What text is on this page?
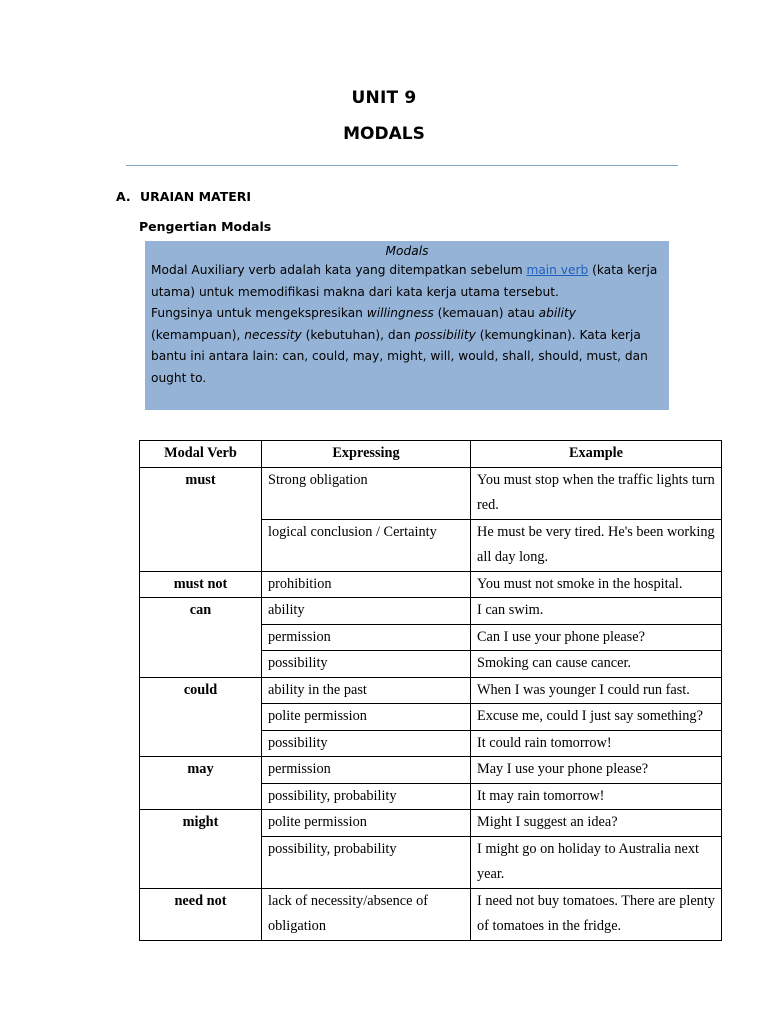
UNIT 9
MODALS
A. URAIAN MATERI
Pengertian Modals
Modals

Modal Auxiliary verb adalah kata yang ditempatkan sebelum main verb (kata kerja utama) untuk memodifikasi makna dari kata kerja utama tersebut.

Fungsinya untuk mengekspresikan willingness (kemauan) atau ability (kemampuan), necessity (kebutuhan), dan possibility (kemungkinan). Kata kerja bantu ini antara lain: can, could, may, might, will, would, shall, should, must, dan ought to.

Modal Verb	Expressing	Example
must	Strong obligation	You must stop when the traffic lights turn red.
	logical conclusion / Certainty	He must be very tired. He's been working all day long.
must not	prohibition	You must not smoke in the hospital.
can	ability	I can swim.
	permission	Can I use your phone please?
	possibility	Smoking can cause cancer.
could	ability in the past	When I was younger I could run fast.
	polite permission	Excuse me, could I just say something?
	possibility	It could rain tomorrow!
may	permission	May I use your phone please?
	possibility, probability	It may rain tomorrow!
might	polite permission	Might I suggest an idea?
	possibility, probability	I might go on holiday to Australia next year.
need not	lack of necessity/absence of obligation	I need not buy tomatoes. There are plenty of tomatoes in the fridge.
